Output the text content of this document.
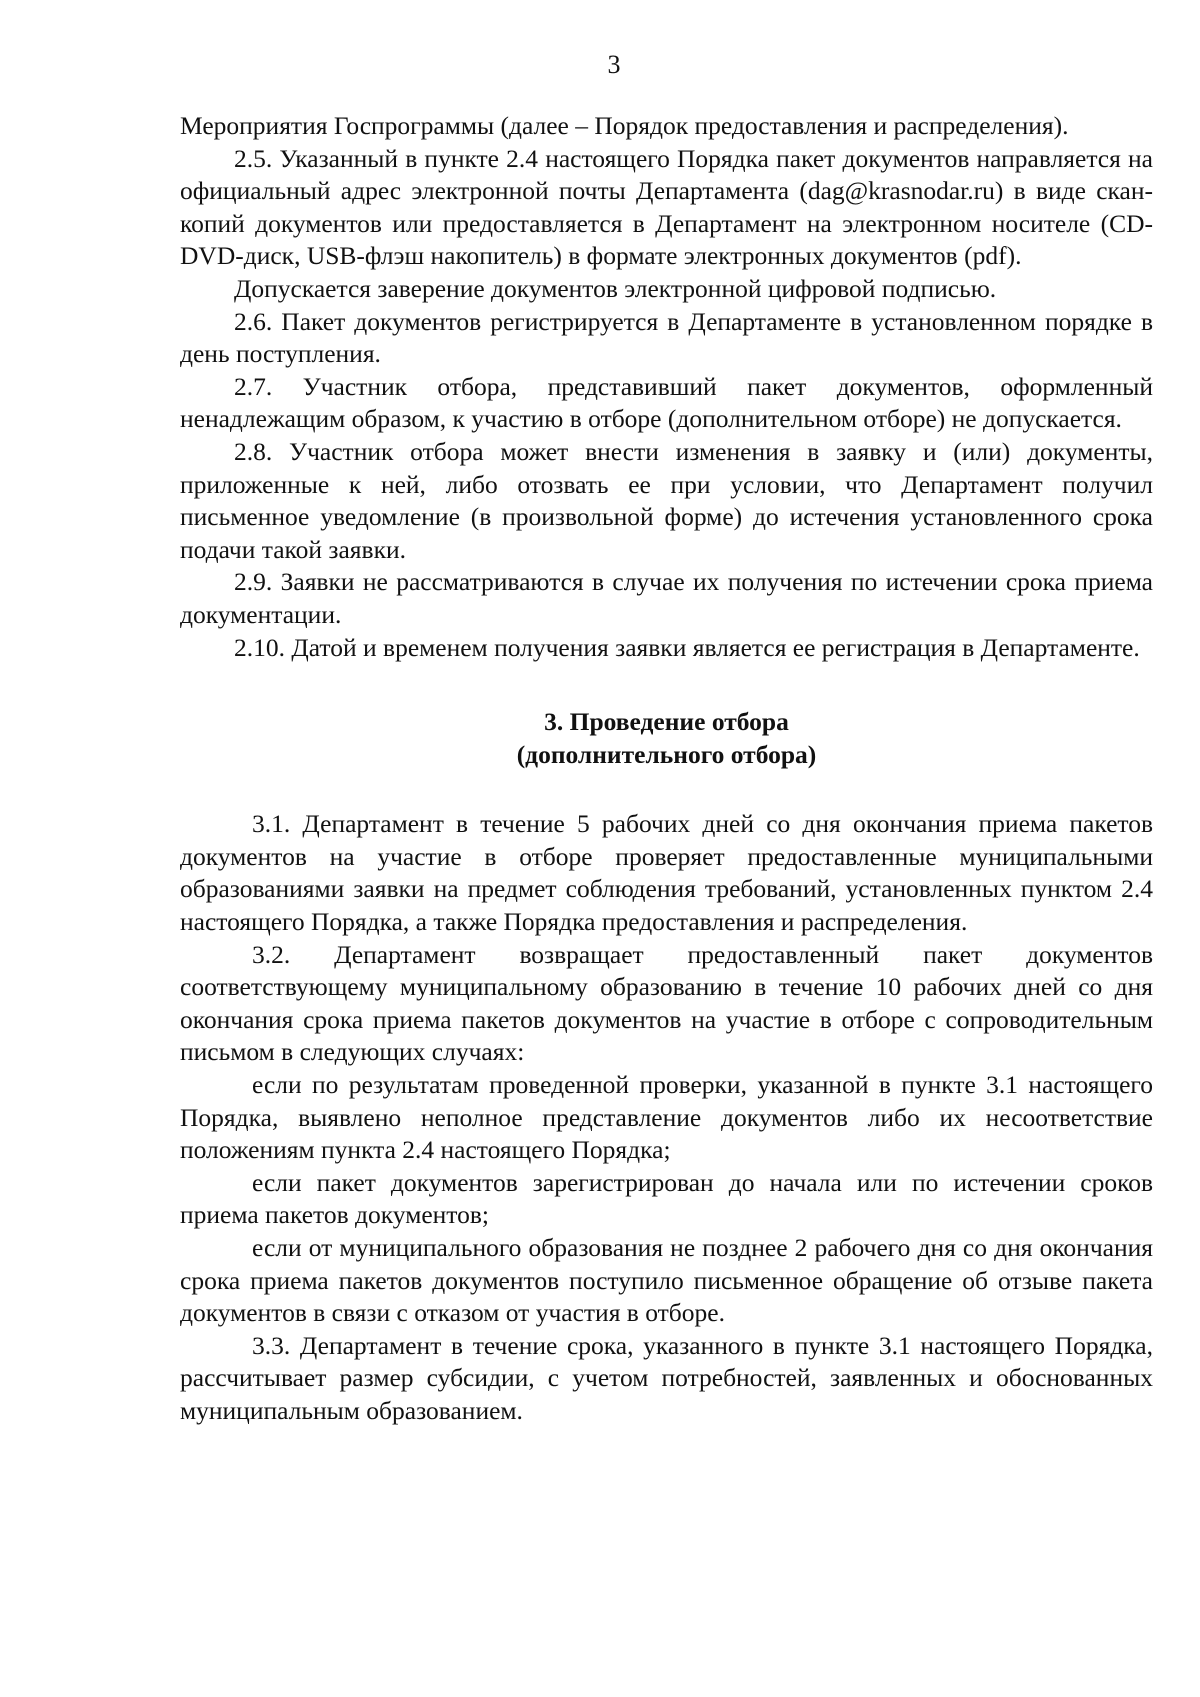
3

Мероприятия Госпрограммы (далее – Порядок предоставления и распределения).

2.5. Указанный в пункте 2.4 настоящего Порядка пакет документов направляется на официальный адрес электронной почты Департамента (dag@krasnodar.ru) в виде скан-копий документов или предоставляется в Департамент на электронном носителе (CD-DVD-диск, USB-флэш накопитель) в формате электронных документов (pdf).

Допускается заверение документов электронной цифровой подписью.

2.6. Пакет документов регистрируется в Департаменте в установленном порядке в день поступления.

2.7. Участник отбора, представивший пакет документов, оформленный ненадлежащим образом, к участию в отборе (дополнительном отборе) не допускается.

2.8. Участник отбора может внести изменения в заявку и (или) документы, приложенные к ней, либо отозвать ее при условии, что Департамент получил письменное уведомление (в произвольной форме) до истечения установленного срока подачи такой заявки.

2.9. Заявки не рассматриваются в случае их получения по истечении срока приема документации.

2.10. Датой и временем получения заявки является ее регистрация в Департаменте.

3. Проведение отбора

(дополнительного отбора)

3.1. Департамент в течение 5 рабочих дней со дня окончания приема пакетов документов на участие в отборе проверяет предоставленные муниципальными образованиями заявки на предмет соблюдения требований, установленных пунктом 2.4 настоящего Порядка, а также Порядка предоставления и распределения.

3.2. Департамент возвращает предоставленный пакет документов соответствующему муниципальному образованию в течение 10 рабочих дней со дня окончания срока приема пакетов документов на участие в отборе с сопроводительным письмом в следующих случаях:

если по результатам проведенной проверки, указанной в пункте 3.1 настоящего Порядка, выявлено неполное представление документов либо их несоответствие положениям пункта 2.4 настоящего Порядка;

если пакет документов зарегистрирован до начала или по истечении сроков приема пакетов документов;

если от муниципального образования не позднее 2 рабочего дня со дня окончания срока приема пакетов документов поступило письменное обращение об отзыве пакета документов в связи с отказом от участия в отборе.

3.3. Департамент в течение срока, указанного в пункте 3.1 настоящего Порядка, рассчитывает размер субсидии, с учетом потребностей, заявленных и обоснованных муниципальным образованием.
